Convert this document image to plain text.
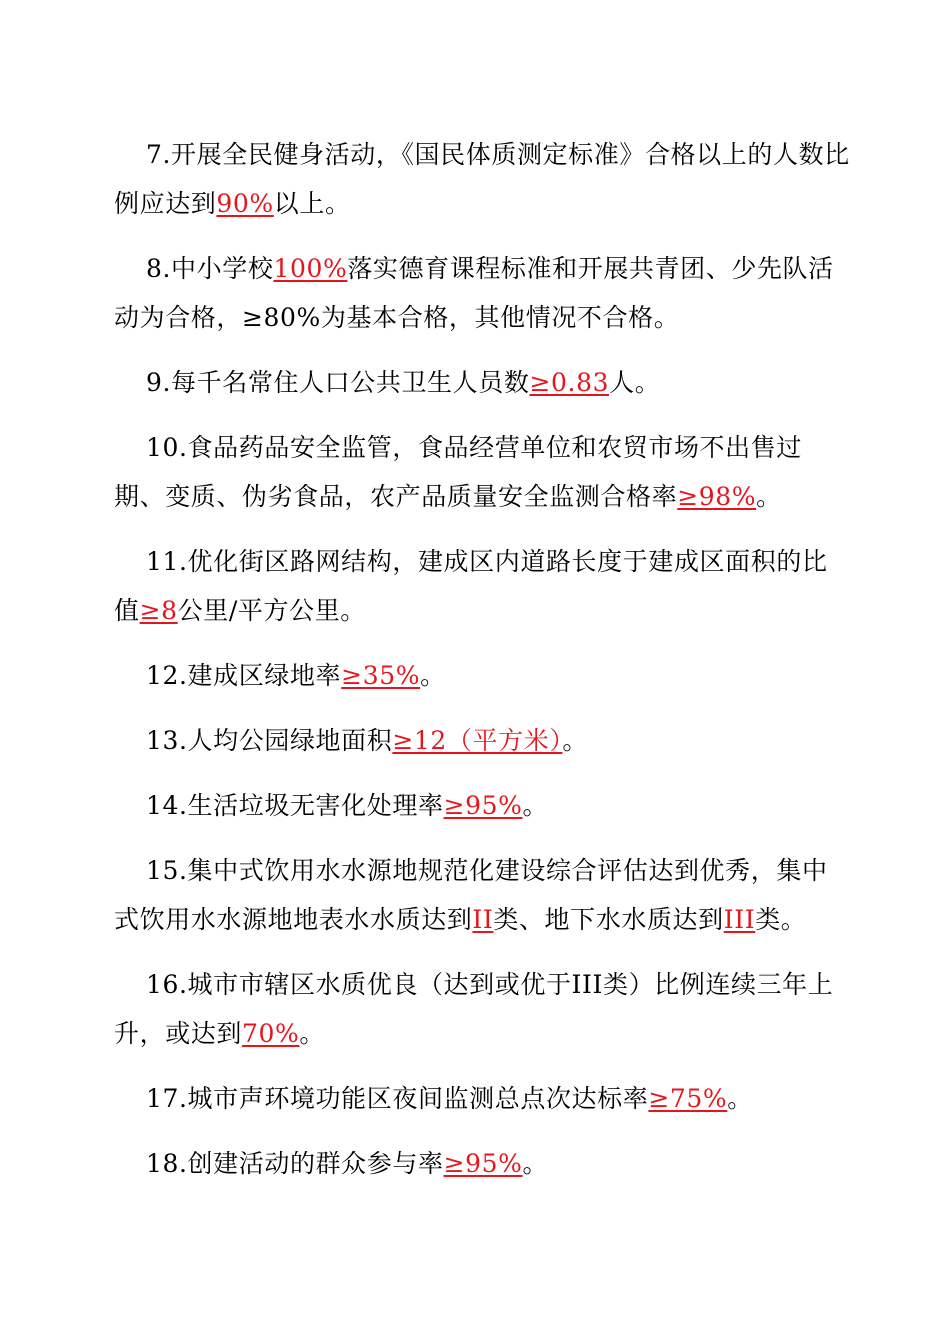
7.开展全民健身活动，《国民体质测定标准》合格以上的人数比例应达到90%以上。

8.中小学校100%落实德育课程标准和开展共青团、少先队活动为合格，≥80%为基本合格，其他情况不合格。

9.每千名常住人口公共卫生人员数≥0.83人。

10.食品药品安全监管，食品经营单位和农贸市场不出售过期、变质、伪劣食品，农产品质量安全监测合格率≥98%。

11.优化街区路网结构，建成区内道路长度于建成区面积的比值≥8公里/平方公里。

12.建成区绿地率≥35%。

13.人均公园绿地面积≥12（平方米）。

14.生活垃圾无害化处理率≥95%。

15.集中式饮用水水源地规范化建设综合评估达到优秀，集中式饮用水水源地地表水水质达到II类、地下水水质达到III类。

16.城市市辖区水质优良（达到或优于III类）比例连续三年上升，或达到70%。

17.城市声环境功能区夜间监测总点次达标率≥75%。

18.创建活动的群众参与率≥95%。
